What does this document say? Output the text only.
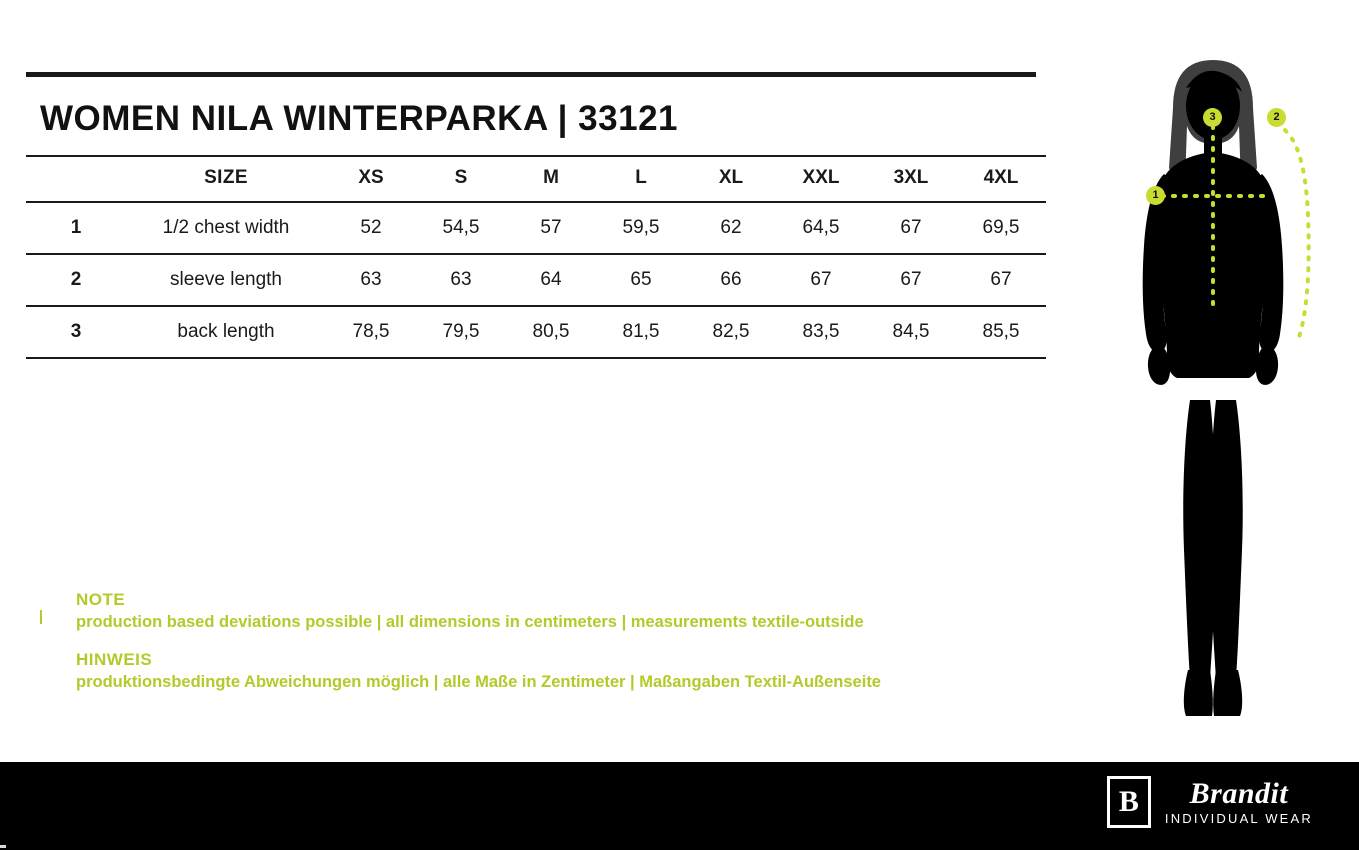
WOMEN NILA WINTERPARKA | 33121
	SIZE	XS	S	M	L	XL	XXL	3XL	4XL
1	1/2 chest width	52	54,5	57	59,5	62	64,5	67	69,5
2	sleeve length	63	63	64	65	66	67	67	67
3	back length	78,5	79,5	80,5	81,5	82,5	83,5	84,5	85,5
NOTE
production based deviations possible | all dimensions in centimeters | measurements textile-outside
HINWEIS
produktionsbedingte Abweichungen möglich | alle Maße in Zentimeter | Maßangaben Textil-Außenseite
1
2
3
B	Brandit
INDIVIDUAL WEAR
